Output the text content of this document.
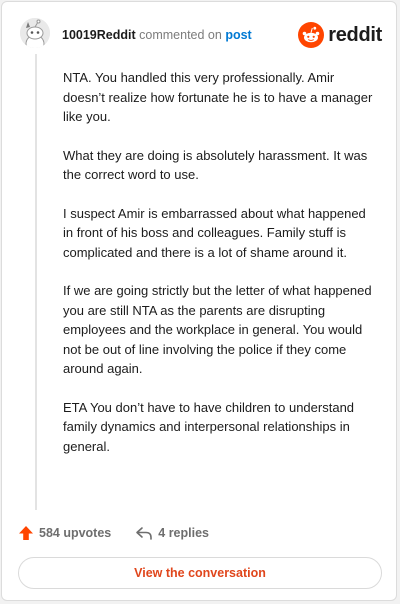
10019Reddit commented on post	reddit

NTA. You handled this very professionally. Amir doesn’t realize how fortunate he is to have a manager like you.

What they are doing is absolutely harassment. It was the correct word to use.

I suspect Amir is embarrassed about what happened in front of his boss and colleagues. Family stuff is complicated and there is a lot of shame around it.

If we are going strictly but the letter of what happened you are still NTA as the parents are disrupting employees and the workplace in general. You would not be out of line involving the police if they come around again.

ETA You don’t have to have children to understand family dynamics and interpersonal relationships in general.

584 upvotes	4 replies
View the conversation
